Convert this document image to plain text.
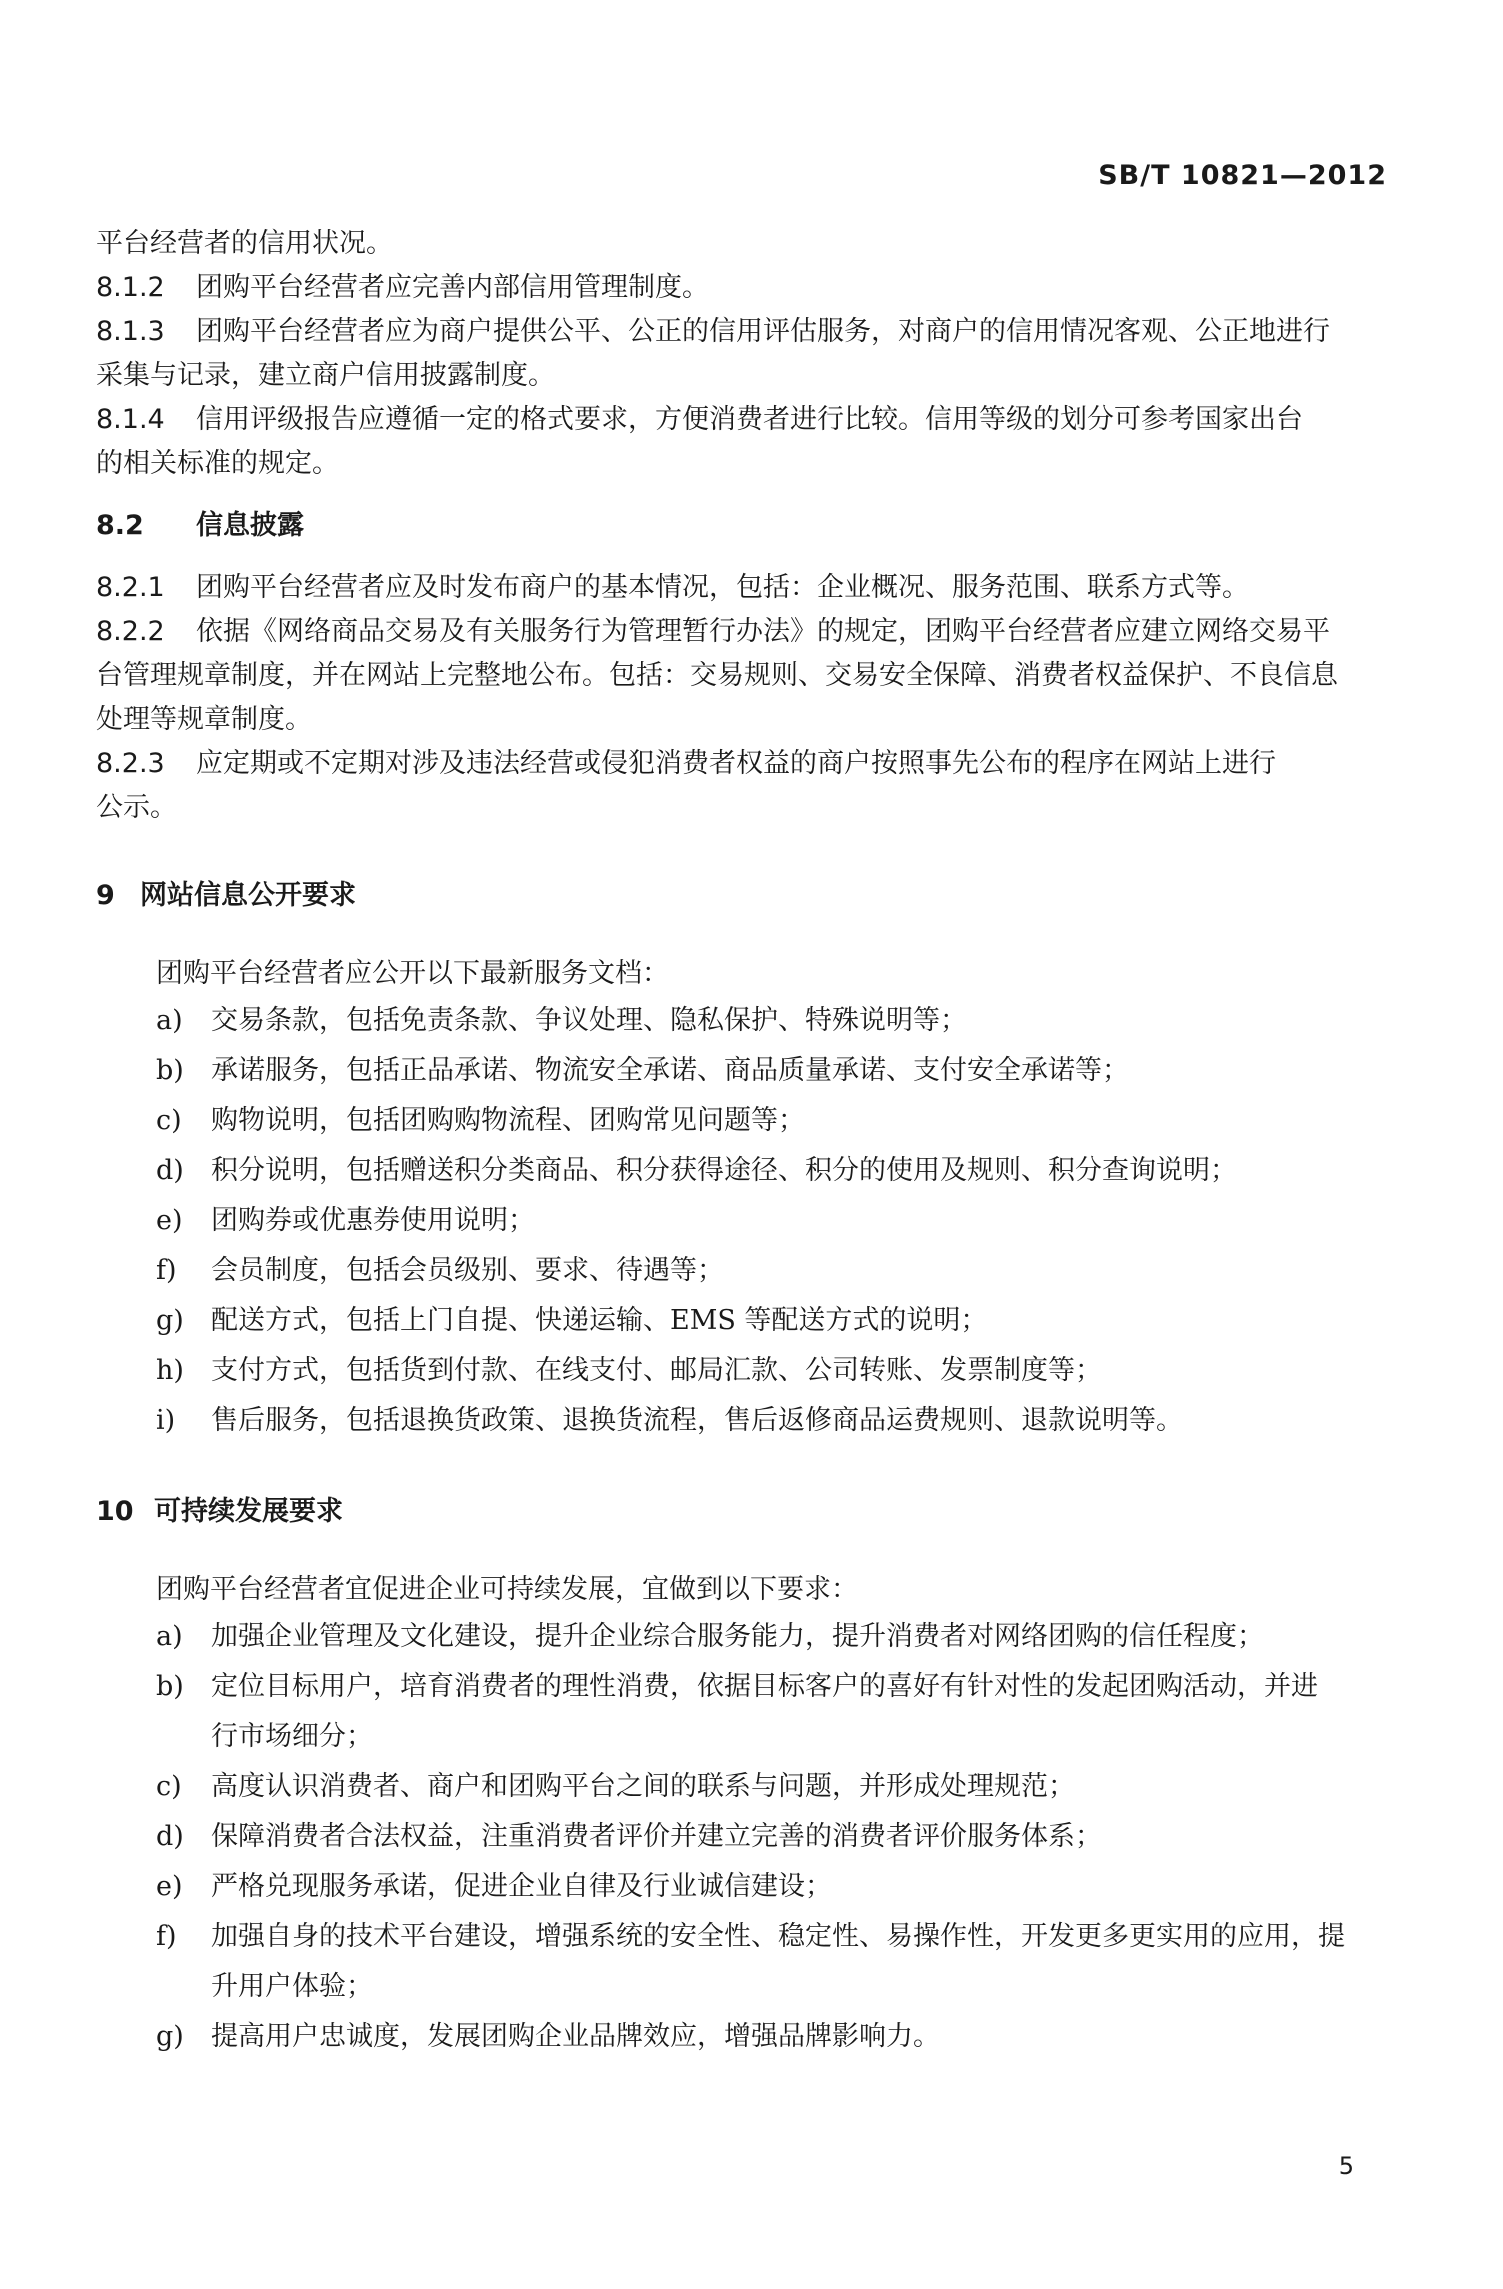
SB/T 10821—2012
平台经营者的信用状况。
8.1.2 团购平台经营者应完善内部信用管理制度。
8.1.3 团购平台经营者应为商户提供公平、公正的信用评估服务，对商户的信用情况客观、公正地进行
采集与记录，建立商户信用披露制度。
8.1.4 信用评级报告应遵循一定的格式要求，方便消费者进行比较。信用等级的划分可参考国家出台
的相关标准的规定。
8.2 信息披露
8.2.1 团购平台经营者应及时发布商户的基本情况，包括：企业概况、服务范围、联系方式等。
8.2.2 依据《网络商品交易及有关服务行为管理暂行办法》的规定，团购平台经营者应建立网络交易平
台管理规章制度，并在网站上完整地公布。包括：交易规则、交易安全保障、消费者权益保护、不良信息
处理等规章制度。
8.2.3 应定期或不定期对涉及违法经营或侵犯消费者权益的商户按照事先公布的程序在网站上进行
公示。
9 网站信息公开要求
团购平台经营者应公开以下最新服务文档：
a) 交易条款，包括免责条款、争议处理、隐私保护、特殊说明等；
b) 承诺服务，包括正品承诺、物流安全承诺、商品质量承诺、支付安全承诺等；
c) 购物说明，包括团购购物流程、团购常见问题等；
d) 积分说明，包括赠送积分类商品、积分获得途径、积分的使用及规则、积分查询说明；
e) 团购券或优惠券使用说明；
f) 会员制度，包括会员级别、要求、待遇等；
g) 配送方式，包括上门自提、快递运输、EMS 等配送方式的说明；
h) 支付方式，包括货到付款、在线支付、邮局汇款、公司转账、发票制度等；
i) 售后服务，包括退换货政策、退换货流程，售后返修商品运费规则、退款说明等。
10 可持续发展要求
团购平台经营者宜促进企业可持续发展，宜做到以下要求：
a) 加强企业管理及文化建设，提升企业综合服务能力，提升消费者对网络团购的信任程度；
b) 定位目标用户，培育消费者的理性消费，依据目标客户的喜好有针对性的发起团购活动，并进
行市场细分；
c) 高度认识消费者、商户和团购平台之间的联系与问题，并形成处理规范；
d) 保障消费者合法权益，注重消费者评价并建立完善的消费者评价服务体系；
e) 严格兑现服务承诺，促进企业自律及行业诚信建设；
f) 加强自身的技术平台建设，增强系统的安全性、稳定性、易操作性，开发更多更实用的应用，提
升用户体验；
g) 提高用户忠诚度，发展团购企业品牌效应，增强品牌影响力。
5
